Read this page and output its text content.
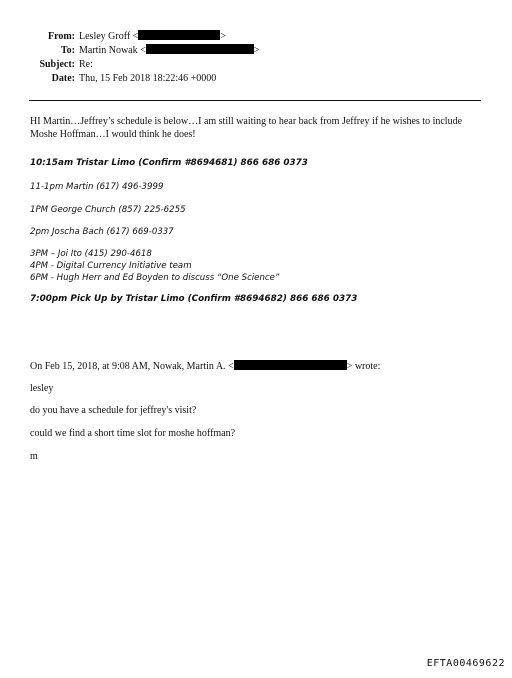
From: Lesley Groff <	>
To: Martin Nowak <	>
Subject: Re:
Date: Thu, 15 Feb 2018 18:22:46 +0000
HI Martin…Jeffrey’s schedule is below…I am still waiting to hear back from Jeffrey if he wishes to include
Moshe Hoffman…I would think he does!
10:15am Tristar Limo (Confirm #8694681) 866 686 0373
11-1pm Martin (617) 496-3999
1PM George Church (857) 225-6255
2pm Joscha Bach (617) 669-0337
3PM – Joi Ito (415) 290-4618
4PM - Digital Currency Initiative team
6PM - Hugh Herr and Ed Boyden to discuss “One Science”
7:00pm Pick Up by Tristar Limo (Confirm #8694682) 866 686 0373
On Feb 15, 2018, at 9:08 AM, Nowak, Martin A. <	> wrote:
lesley
do you have a schedule for jeffrey's visit?
could we find a short time slot for moshe hoffman?
m
EFTA00469622
